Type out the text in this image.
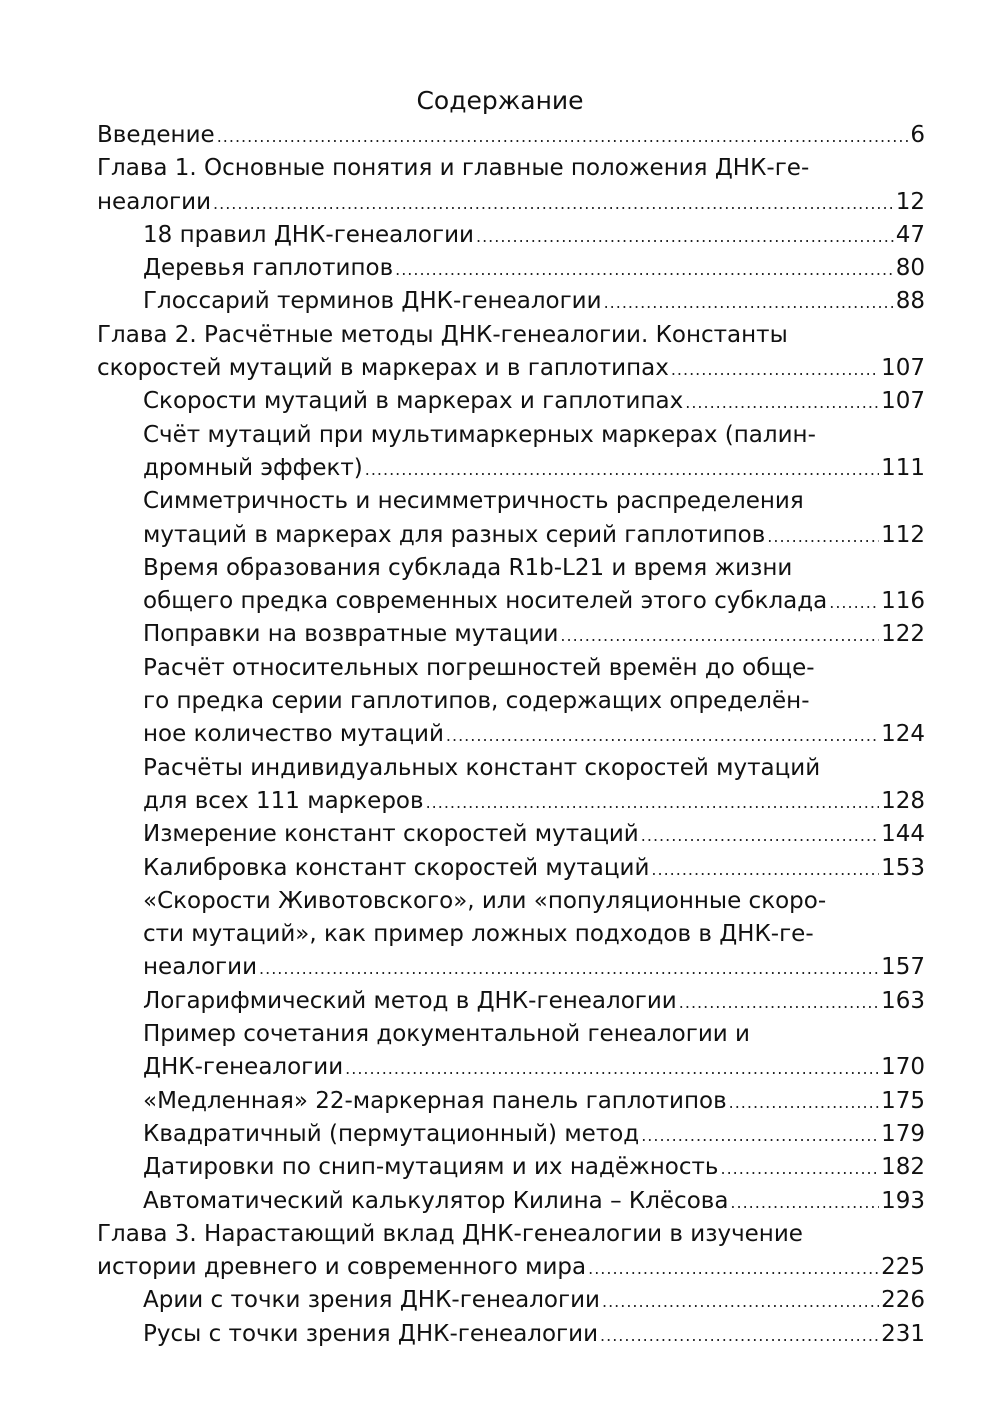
Содержание
Введение .....	6
Глава 1. Основные понятия и главные положения ДНК-ге-
неалогии .....	12
18 правил ДНК-генеалогии .....	47
Деревья гаплотипов .....	80
Глоссарий терминов ДНК-генеалогии .....	88
Глава 2. Расчётные методы ДНК-генеалогии. Константы
скоростей мутаций в маркерах и в гаплотипах .....	107
Скорости мутаций в маркерах и гаплотипах .....	107
Счёт мутаций при мультимаркерных маркерах (палин-
дромный эффект) .....	111
Симметричность и несимметричность распределения
мутаций в маркерах для разных серий гаплотипов .....	112
Время образования субклада R1b-L21 и время жизни
общего предка современных носителей этого субклада ..... 116
Поправки на возвратные мутации .....	122
Расчёт относительных погрешностей времён до обще-
го предка серии гаплотипов, содержащих определён-
ное количество мутаций .....	124
Расчёты индивидуальных констант скоростей мутаций
для всех 111 маркеров .....	128
Измерение констант скоростей мутаций .....	144
Калибровка констант скоростей мутаций .....	153
«Скорости Животовского», или «популяционные скоро-
сти мутаций», как пример ложных подходов в ДНК-ге-
неалогии .....	157
Логарифмический метод в ДНК-генеалогии .....	163
Пример сочетания документальной генеалогии и
ДНК-генеалогии .....	170
«Медленная» 22-маркерная панель гаплотипов .....	175
Квадратичный (пермутационный) метод .....	179
Датировки по снип-мутациям и их надёжность .....	182
Автоматический калькулятор Килина – Клёсова .....	193
Глава 3. Нарастающий вклад ДНК-генеалогии в изучение
истории древнего и современного мира .....	225
Арии с точки зрения ДНК-генеалогии .....	226
Русы с точки зрения ДНК-генеалогии .....	231
